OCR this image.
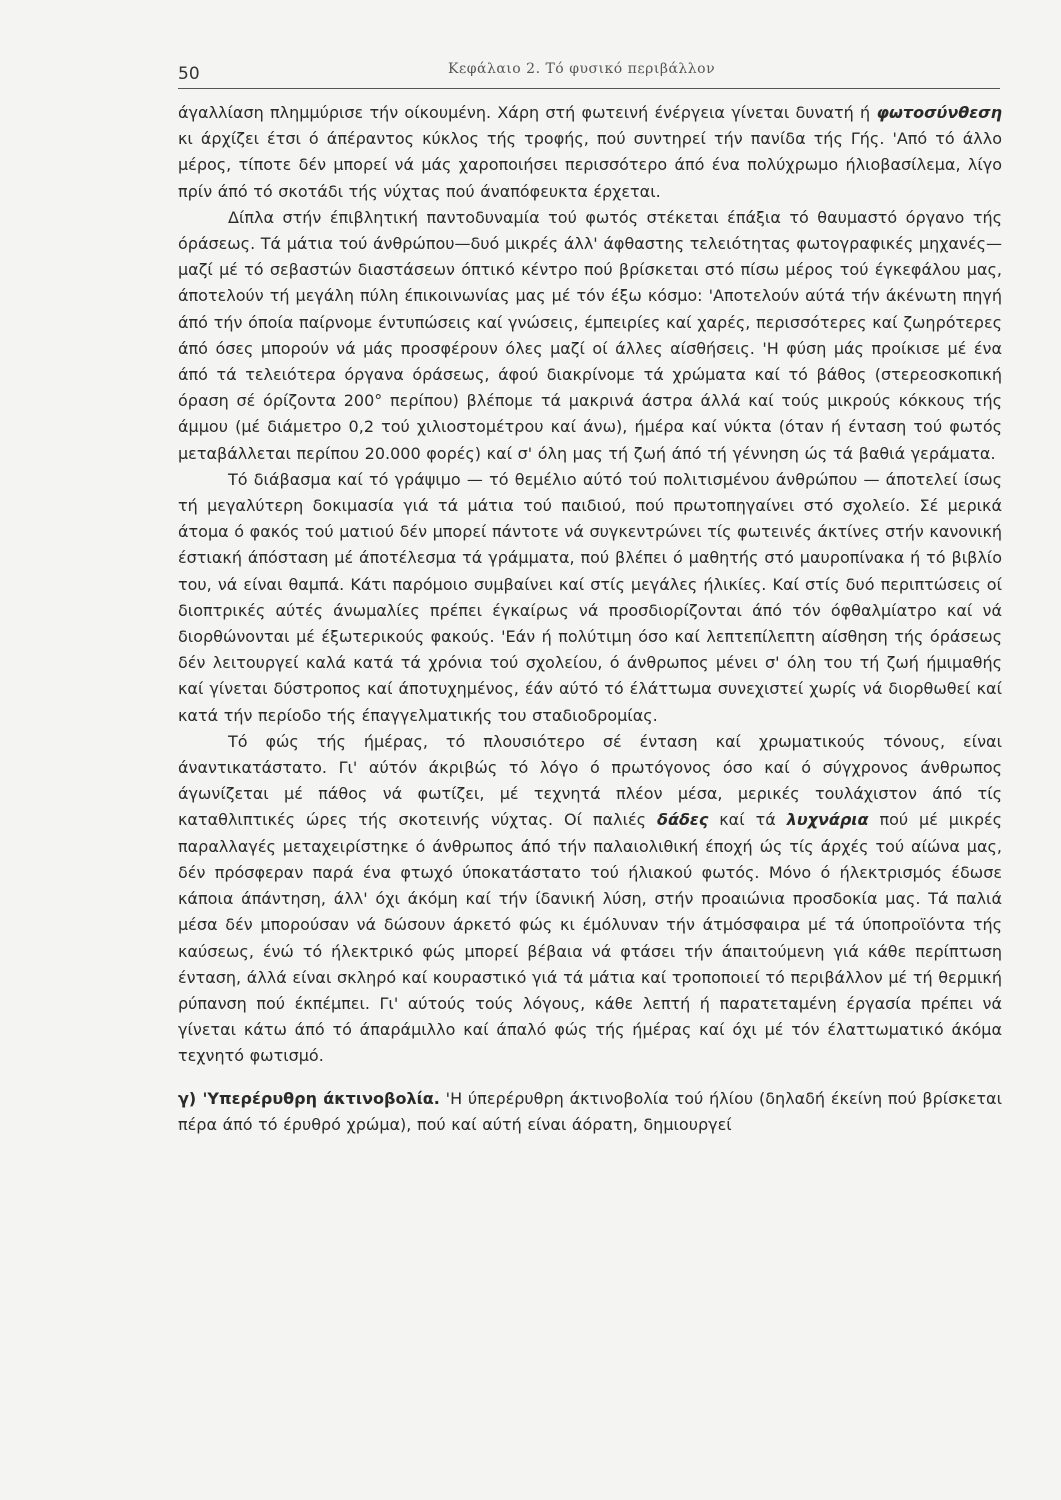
50	Κεφάλαιο 2. Τό φυσικό περιβάλλον

άγαλλίαση πλημμύρισε τήν οίκουμένη. Χάρη στή φωτεινή ένέργεια γίνεται δυνατή ή φωτοσύνθεση κι άρχίζει έτσι ό άπέραντος κύκλος τής τροφής, πού συντηρεί τήν πανίδα τής Γής. 'Από τό άλλο μέρος, τίποτε δέν μπορεί νά μάς χαροποιήσει περισσότερο άπό ένα πολύχρωμο ήλιοβασίλεμα, λίγο πρίν άπό τό σκοτάδι τής νύχτας πού άναπόφευκτα έρχεται.

Δίπλα στήν έπιβλητική παντοδυναμία τού φωτός στέκεται έπάξια τό θαυμαστό όργανο τής όράσεως. Τά μάτια τού άνθρώπου—δυό μικρές άλλ' άφθαστης τελειότητας φωτογραφικές μηχανές—μαζί μέ τό σεβαστών διαστάσεων όπτικό κέντρο πού βρίσκεται στό πίσω μέρος τού έγκεφάλου μας, άποτελούν τή μεγάλη πύλη έπικοινωνίας μας μέ τόν έξω κόσμο: 'Αποτελούν αύτά τήν άκένωτη πηγή άπό τήν όποία παίρνομε έντυπώσεις καί γνώσεις, έμπειρίες καί χαρές, περισσότερες καί ζωηρότερες άπό όσες μπορούν νά μάς προσφέρουν όλες μαζί οί άλλες αίσθήσεις. 'Η φύση μάς προίκισε μέ ένα άπό τά τελειότερα όργανα όράσεως, άφού διακρίνομε τά χρώματα καί τό βάθος (στερεοσκοπική όραση σέ όρίζοντα 200° περίπου) βλέπομε τά μακρινά άστρα άλλά καί τούς μικρούς κόκκους τής άμμου (μέ διάμετρο 0,2 τού χιλιοστομέτρου καί άνω), ήμέρα καί νύκτα (όταν ή ένταση τού φωτός μεταβάλλεται περίπου 20.000 φορές) καί σ' όλη μας τή ζωή άπό τή γέννηση ώς τά βαθιά γεράματα.

Τό διάβασμα καί τό γράψιμο — τό θεμέλιο αύτό τού πολιτισμένου άνθρώπου — άποτελεί ίσως τή μεγαλύτερη δοκιμασία γιά τά μάτια τού παιδιού, πού πρωτοπηγαίνει στό σχολείο. Σέ μερικά άτομα ό φακός τού ματιού δέν μπορεί πάντοτε νά συγκεντρώνει τίς φωτεινές άκτίνες στήν κανονική έστιακή άπόσταση μέ άποτέλεσμα τά γράμματα, πού βλέπει ό μαθητής στό μαυροπίνακα ή τό βιβλίο του, νά είναι θαμπά. Κάτι παρόμοιο συμβαίνει καί στίς μεγάλες ήλικίες. Καί στίς δυό περιπτώσεις οί διοπτρικές αύτές άνωμαλίες πρέπει έγκαίρως νά προσδιορίζονται άπό τόν όφθαλμίατρο καί νά διορθώνονται μέ έξωτερικούς φακούς. 'Εάν ή πολύτιμη όσο καί λεπτεπίλεπτη αίσθηση τής όράσεως δέν λειτουργεί καλά κατά τά χρόνια τού σχολείου, ό άνθρωπος μένει σ' όλη του τή ζωή ήμιμαθής καί γίνεται δύστροπος καί άποτυχημένος, έάν αύτό τό έλάττωμα συνεχιστεί χωρίς νά διορθωθεί καί κατά τήν περίοδο τής έπαγγελματικής του σταδιοδρομίας.

Τό φώς τής ήμέρας, τό πλουσιότερο σέ ένταση καί χρωματικούς τόνους, είναι άναντικατάστατο. Γι' αύτόν άκριβώς τό λόγο ό πρωτόγονος όσο καί ό σύγχρονος άνθρωπος άγωνίζεται μέ πάθος νά φωτίζει, μέ τεχνητά πλέον μέσα, μερικές τουλάχιστον άπό τίς καταθλιπτικές ώρες τής σκοτεινής νύχτας. Οί παλιές δάδες καί τά λυχνάρια πού μέ μικρές παραλλαγές μεταχειρίστηκε ό άνθρωπος άπό τήν παλαιολιθική έποχή ώς τίς άρχές τού αίώνα μας, δέν πρόσφεραν παρά ένα φτωχό ύποκατάστατο τού ήλιακού φωτός. Μόνο ό ήλεκτρισμός έδωσε κάποια άπάντηση, άλλ' όχι άκόμη καί τήν ίδανική λύση, στήν προαιώνια προσδοκία μας. Τά παλιά μέσα δέν μπορούσαν νά δώσουν άρκετό φώς κι έμόλυναν τήν άτμόσφαιρα μέ τά ύποπροϊόντα τής καύσεως, ένώ τό ήλεκτρικό φώς μπορεί βέβαια νά φτάσει τήν άπαιτούμενη γιά κάθε περίπτωση ένταση, άλλά είναι σκληρό καί κουραστικό γιά τά μάτια καί τροποποιεί τό περιβάλλον μέ τή θερμική ρύπανση πού έκπέμπει. Γι' αύτούς τούς λόγους, κάθε λεπτή ή παρατεταμένη έργασία πρέπει νά γίνεται κάτω άπό τό άπαράμιλλο καί άπαλό φώς τής ήμέρας καί όχι μέ τόν έλαττωματικό άκόμα τεχνητό φωτισμό.

γ) 'Υπερέρυθρη άκτινοβολία. 'Η ύπερέρυθρη άκτινοβολία τού ήλίου (δηλαδή έκείνη πού βρίσκεται πέρα άπό τό έρυθρό χρώμα), πού καί αύτή είναι άόρατη, δημιουργεί
